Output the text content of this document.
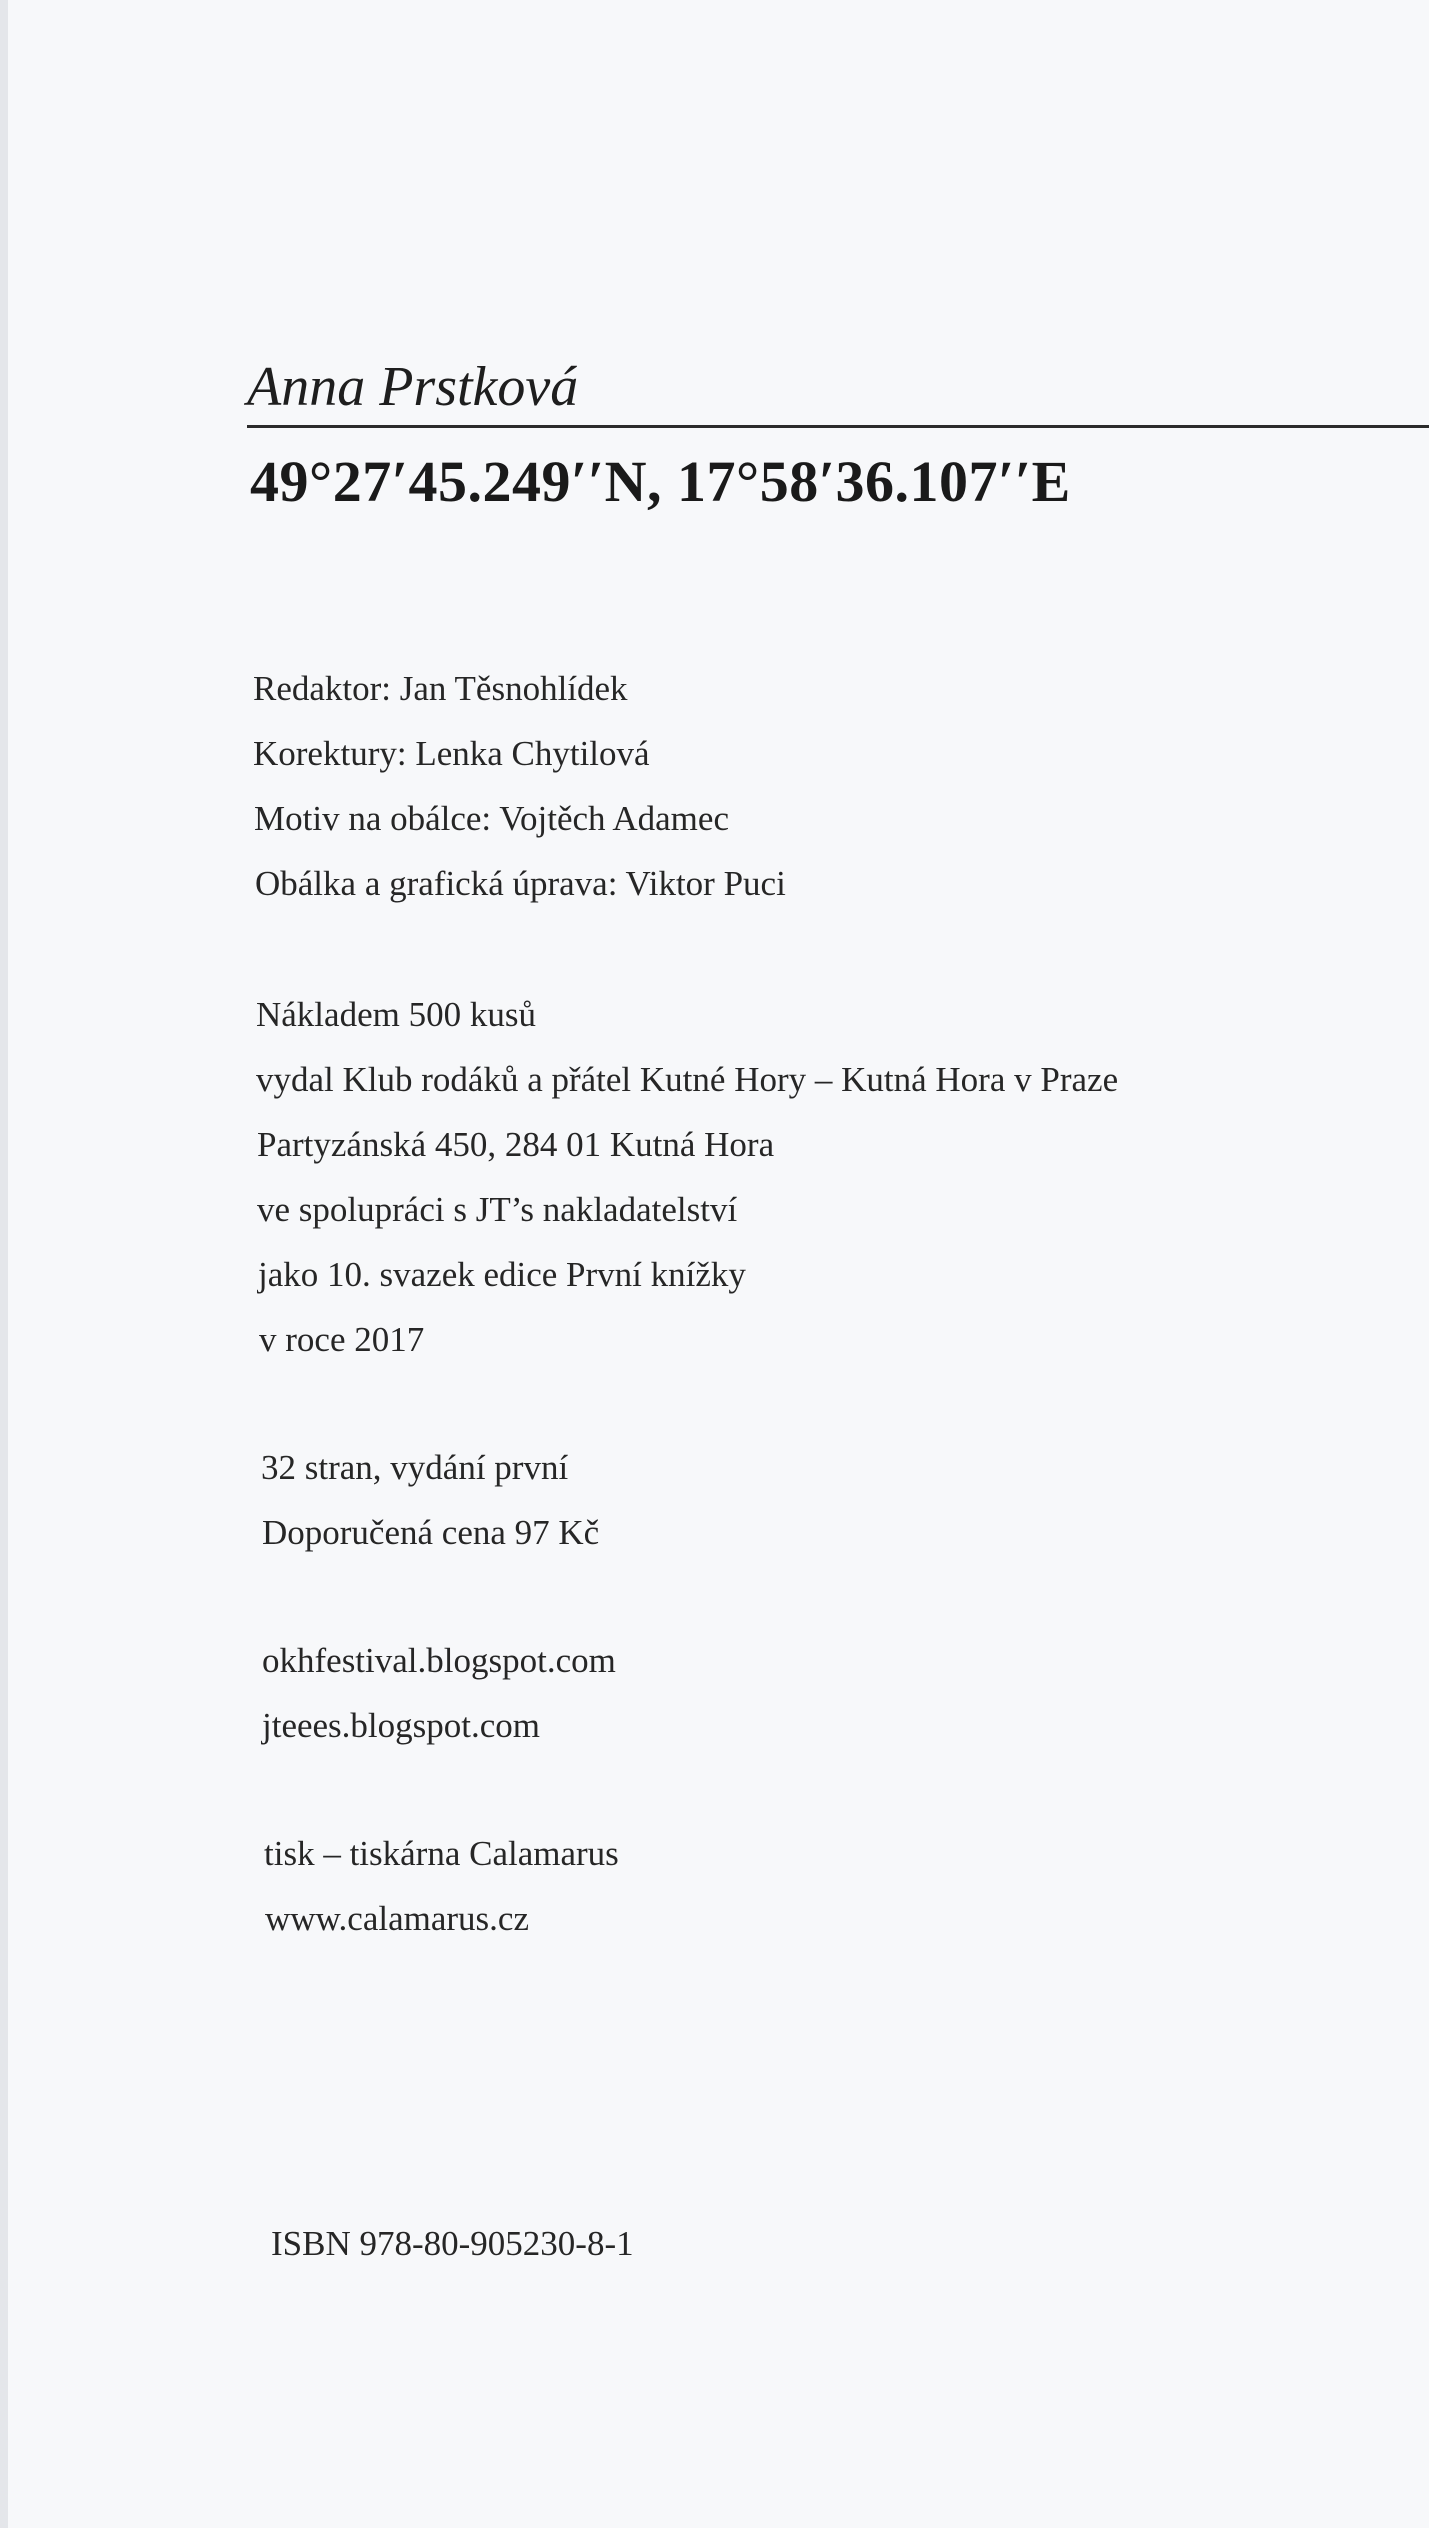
Anna Prstková
49°27′45.249′′N, 17°58′36.107′′E
Redaktor: Jan Těsnohlídek
Korektury: Lenka Chytilová
Motiv na obálce: Vojtěch Adamec
Obálka a grafická úprava: Viktor Puci
Nákladem 500 kusů
vydal Klub rodáků a přátel Kutné Hory – Kutná Hora v Praze
Partyzánská 450, 284 01 Kutná Hora
ve spolupráci s JT’s nakladatelství
jako 10. svazek edice První knížky
v roce 2017
32 stran, vydání první
Doporučená cena 97 Kč
okhfestival.blogspot.com
jteees.blogspot.com
tisk – tiskárna Calamarus
www.calamarus.cz
ISBN 978-80-905230-8-1
